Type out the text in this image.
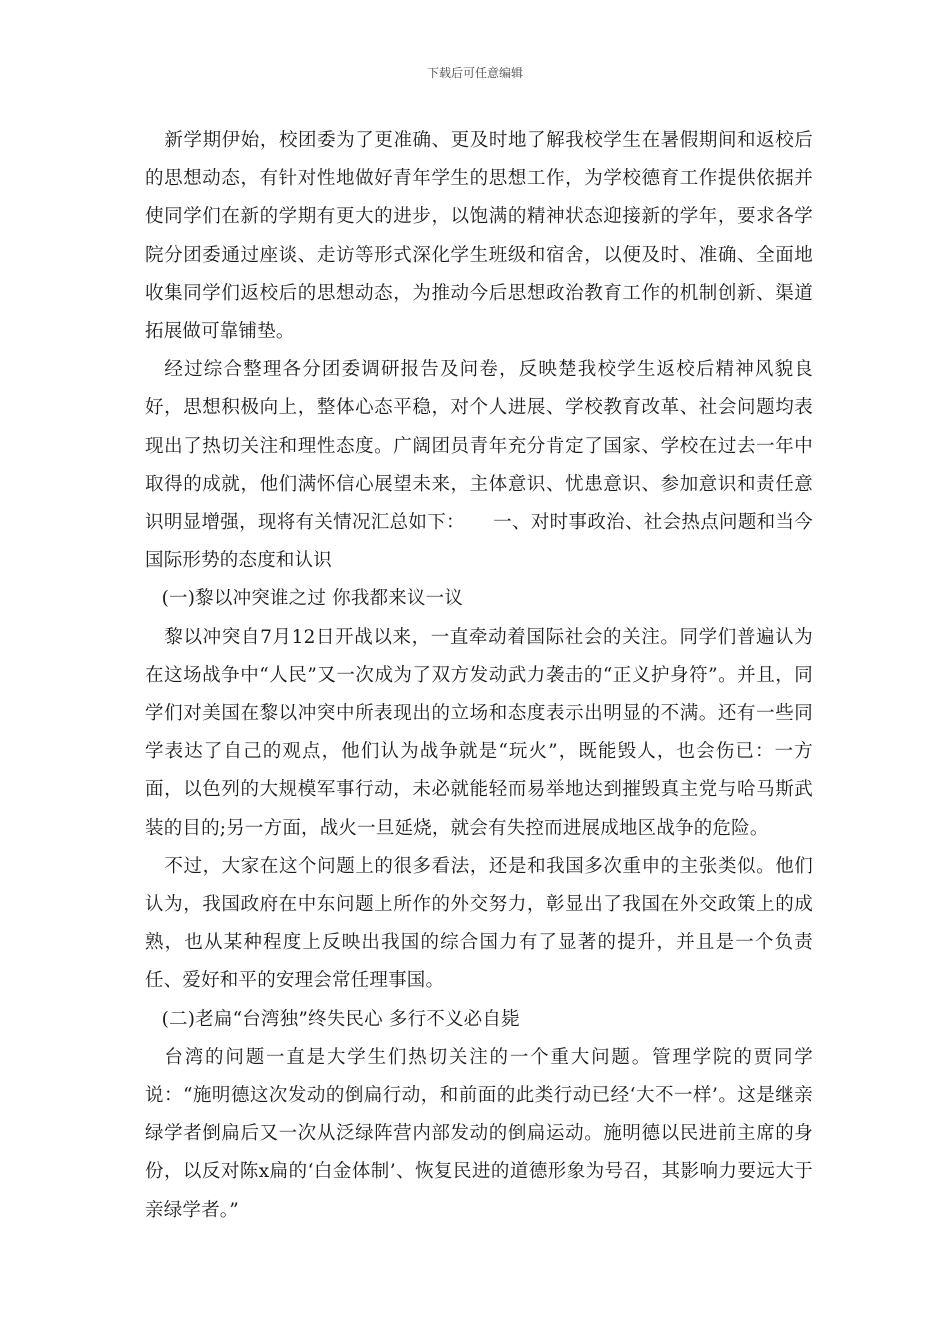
下载后可任意编辑

新学期伊始，校团委为了更准确、更及时地了解我校学生在暑假期间和返校后的思想动态，有针对性地做好青年学生的思想工作，为学校德育工作提供依据并使同学们在新的学期有更大的进步，以饱满的精神状态迎接新的学年，要求各学院分团委通过座谈、走访等形式深化学生班级和宿舍，以便及时、准确、全面地收集同学们返校后的思想动态，为推动今后思想政治教育工作的机制创新、渠道拓展做可靠铺垫。

经过综合整理各分团委调研报告及问卷，反映楚我校学生返校后精神风貌良好，思想积极向上，整体心态平稳，对个人进展、学校教育改革、社会问题均表现出了热切关注和理性态度。广阔团员青年充分肯定了国家、学校在过去一年中取得的成就，他们满怀信心展望未来，主体意识、忧患意识、参加意识和责任意识明显增强，现将有关情况汇总如下：　　一、对时事政治、社会热点问题和当今国际形势的态度和认识

(一)黎以冲突谁之过 你我都来议一议

黎以冲突自7月12日开战以来，一直牵动着国际社会的关注。同学们普遍认为在这场战争中“人民”又一次成为了双方发动武力袭击的“正义护身符”。并且，同学们对美国在黎以冲突中所表现出的立场和态度表示出明显的不满。还有一些同学表达了自己的观点，他们认为战争就是“玩火”，既能毁人，也会伤已：一方面，以色列的大规模军事行动，未必就能轻而易举地达到摧毁真主党与哈马斯武装的目的;另一方面，战火一旦延烧，就会有失控而进展成地区战争的危险。

不过，大家在这个问题上的很多看法，还是和我国多次重申的主张类似。他们认为，我国政府在中东问题上所作的外交努力，彰显出了我国在外交政策上的成熟，也从某种程度上反映出我国的综合国力有了显著的提升，并且是一个负责任、爱好和平的安理会常任理事国。

(二)老扁“台湾独”终失民心 多行不义必自毙

台湾的问题一直是大学生们热切关注的一个重大问题。管理学院的贾同学说：“施明德这次发动的倒扁行动，和前面的此类行动已经‘大不一样’。这是继亲绿学者倒扁后又一次从泛绿阵营内部发动的倒扁运动。施明德以民进前主席的身份，以反对陈x扁的‘白金体制’、恢复民进的道德形象为号召，其影响力要远大于亲绿学者。”
